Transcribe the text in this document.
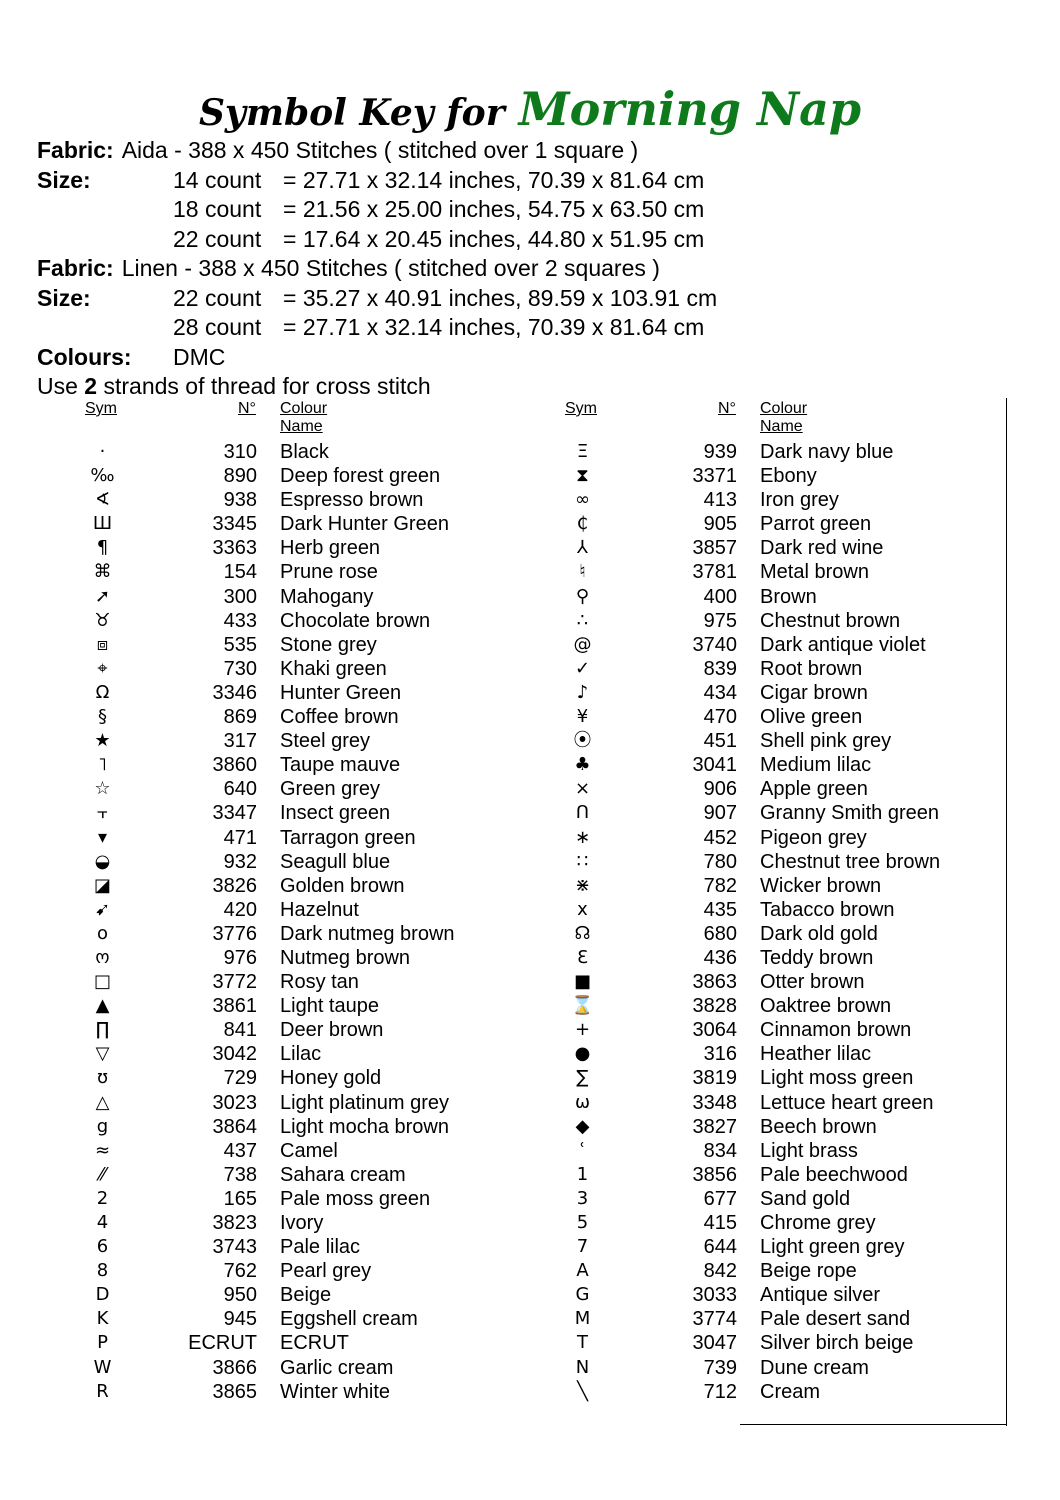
Symbol Key for Morning Nap
Fabric: Aida - 388 x 450 Stitches ( stitched over 1 square )
Size:	14 count = 27.71 x 32.14 inches, 70.39 x 81.64 cm
18 count = 21.56 x 25.00 inches, 54.75 x 63.50 cm
22 count = 17.64 x 20.45 inches, 44.80 x 51.95 cm
Fabric: Linen - 388 x 450 Stitches ( stitched over 2 squares )
Size:	22 count = 35.27 x 40.91 inches, 89.59 x 103.91 cm
28 count = 27.71 x 32.14 inches, 70.39 x 81.64 cm
Colours: DMC
Use 2 strands of thread for cross stitch
Sym	N° Colour Name
·	310 Black
‰	890 Deep forest green
∢	938 Espresso brown
Ш	3345 Dark Hunter Green
¶	3363 Herb green
⌘	154 Prune rose
➚	300 Mahogany
♉	433 Chocolate brown
⧈	535 Stone grey
⌖	730 Khaki green
Ω	3346 Hunter Green
§	869 Coffee brown
★	317 Steel grey
˥	3860 Taupe mauve
☆	640 Green grey
⫟	3347 Insect green
▾	471 Tarragon green
◒	932 Seagull blue
◪	3826 Golden brown
➹	420 Hazelnut
o	3776 Dark nutmeg brown
ო	976 Nutmeg brown
□	3772 Rosy tan
▲	3861 Light taupe
∏	841 Deer brown
▽	3042 Lilac
ʊ	729 Honey gold
△	3023 Light platinum grey
g	3864 Light mocha brown
≈	437 Camel
⁄⁄	738 Sahara cream
2	165 Pale moss green
4	3823 Ivory
6	3743 Pale lilac
8	762 Pearl grey
D	950 Beige
K	945 Eggshell cream
P	ECRUT ECRUT
W	3866 Garlic cream
R	3865 Winter white
Sym	N° Colour Name
Ξ	939 Dark navy blue
⧗	3371 Ebony
∞	413 Iron grey
₵	905 Parrot green
⅄	3857 Dark red wine
♮	3781 Metal brown
⚲	400 Brown
∴	975 Chestnut brown
@	3740 Dark antique violet
✓	839 Root brown
♪	434 Cigar brown
¥	470 Olive green
⦿	451 Shell pink grey
♣	3041 Medium lilac
×	906 Apple green
ᑎ	907 Granny Smith green
∗	452 Pigeon grey
∷	780 Chestnut tree brown
⋇	782 Wicker brown
x	435 Tabacco brown
☊	680 Dark old gold
Ɛ	436 Teddy brown
■	3863 Otter brown
⌛	3828 Oaktree brown
+	3064 Cinnamon brown
●	316 Heather lilac
∑	3819 Light moss green
ω	3348 Lettuce heart green
◆	3827 Beech brown
ʿ	834 Light brass
1	3856 Pale beechwood
3	677 Sand gold
5	415 Chrome grey
7	644 Light green grey
A	842 Beige rope
G	3033 Antique silver
M	3774 Pale desert sand
T	3047 Silver birch beige
N	739 Dune cream
╲	712 Cream
